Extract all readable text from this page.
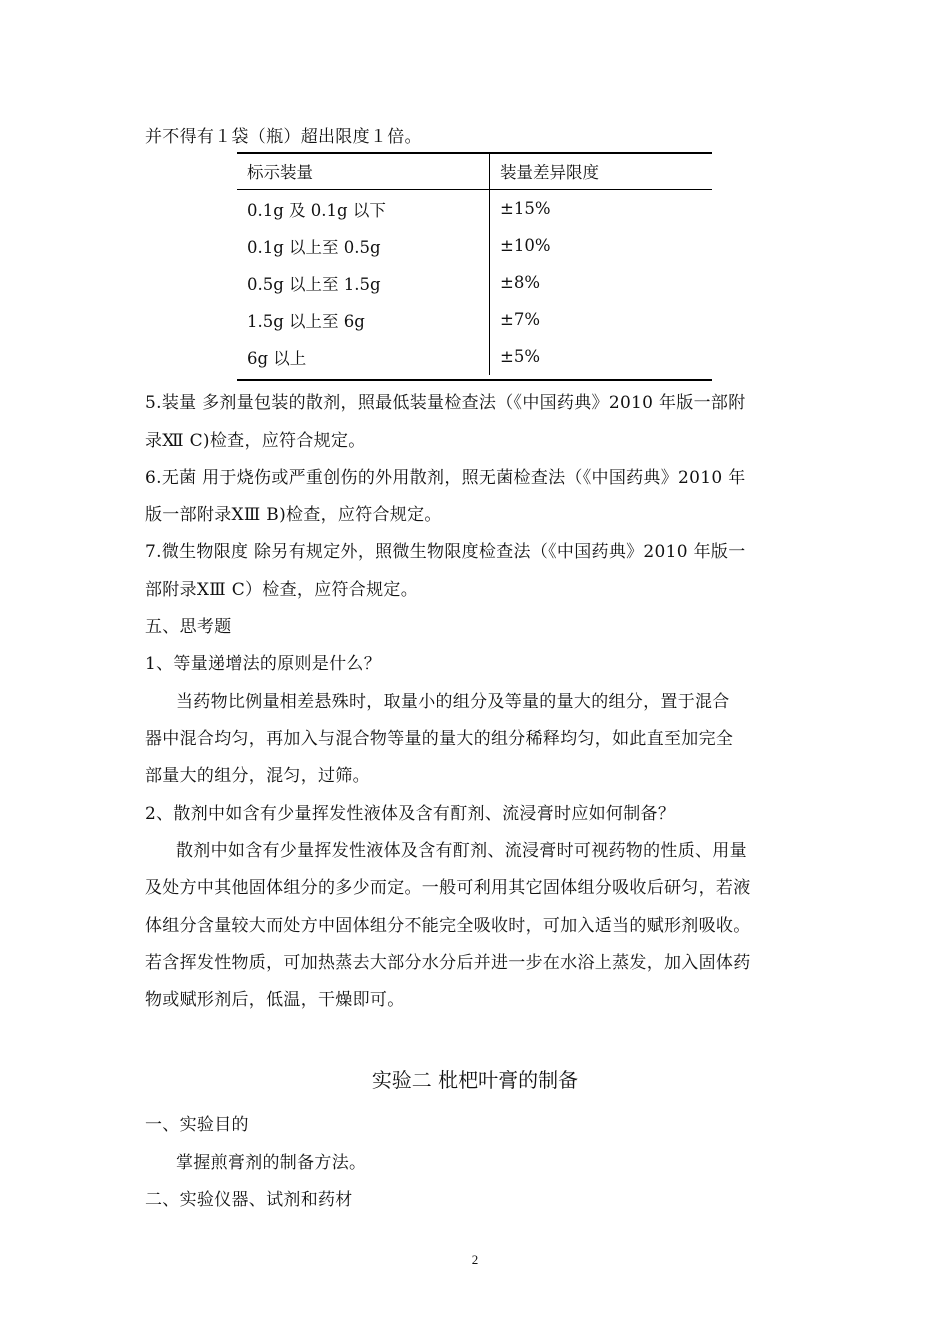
并不得有１袋（瓶）超出限度１倍。
标示装量	装量差异限度
0.1g 及 0.1g 以下	±15%
0.1g 以上至 0.5g	±10%
0.5g 以上至 1.5g	±8%
1.5g 以上至 6g	±7%
6g 以上	±5%
5.装量 多剂量包装的散剂，照最低装量检查法（《中国药典》2010 年版一部附
录Ⅻ C)检查，应符合规定。
6.无菌 用于烧伤或严重创伤的外用散剂，照无菌检查法（《中国药典》2010 年
版一部附录ⅩⅢ B)检查，应符合规定。
7.微生物限度 除另有规定外，照微生物限度检查法（《中国药典》2010 年版一
部附录ⅩⅢ C）检查，应符合规定。
五、思考题
1、等量递增法的原则是什么？
当药物比例量相差悬殊时，取量小的组分及等量的量大的组分，置于混合
器中混合均匀，再加入与混合物等量的量大的组分稀释均匀，如此直至加完全
部量大的组分，混匀，过筛。
2、散剂中如含有少量挥发性液体及含有酊剂、流浸膏时应如何制备？
散剂中如含有少量挥发性液体及含有酊剂、流浸膏时可视药物的性质、用量
及处方中其他固体组分的多少而定。一般可利用其它固体组分吸收后研匀，若液
体组分含量较大而处方中固体组分不能完全吸收时，可加入适当的赋形剂吸收。
若含挥发性物质，可加热蒸去大部分水分后并进一步在水浴上蒸发，加入固体药
物或赋形剂后，低温，干燥即可。
实验二 枇杷叶膏的制备
一、实验目的
掌握煎膏剂的制备方法。
二、实验仪器、试剂和药材
2
